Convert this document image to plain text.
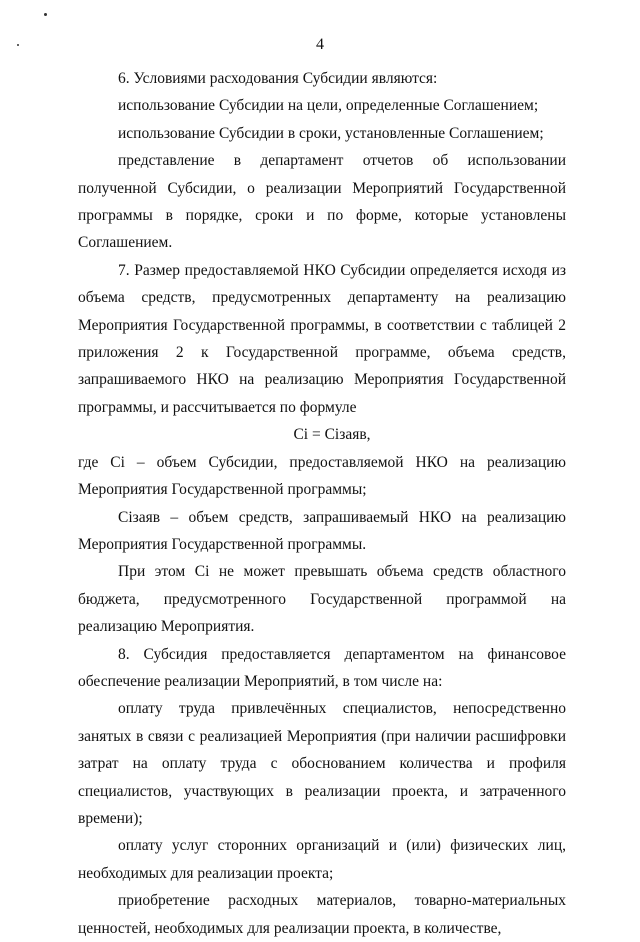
4

6. Условиями расходования Субсидии являются:

использование Субсидии на цели, определенные Соглашением;

использование Субсидии в сроки, установленные Соглашением;

представление в департамент отчетов об использовании полученной Субсидии, о реализации Мероприятий Государственной программы в порядке, сроки и по форме, которые установлены Соглашением.

7. Размер предоставляемой НКО Субсидии определяется исходя из объема средств, предусмотренных департаменту на реализацию Мероприятия Государственной программы, в соответствии с таблицей 2 приложения 2 к Государственной программе, объема средств, запрашиваемого НКО на реализацию Мероприятия Государственной программы, и рассчитывается по формуле

Сi = Сiзаяв,

где Сi – объем Субсидии, предоставляемой НКО на реализацию Мероприятия Государственной программы;

Сiзаяв – объем средств, запрашиваемый НКО на реализацию Мероприятия Государственной программы.

При этом Сi не может превышать объема средств областного бюджета, предусмотренного Государственной программой на реализацию Мероприятия.

8. Субсидия предоставляется департаментом на финансовое обеспечение реализации Мероприятий, в том числе на:

оплату труда привлечённых специалистов, непосредственно занятых в связи с реализацией Мероприятия (при наличии расшифровки затрат на оплату труда с обоснованием количества и профиля специалистов, участвующих в реализации проекта, и затраченного времени);

оплату услуг сторонних организаций и (или) физических лиц, необходимых для реализации проекта;

приобретение расходных материалов, товарно-материальных ценностей, необходимых для реализации проекта, в количестве,
